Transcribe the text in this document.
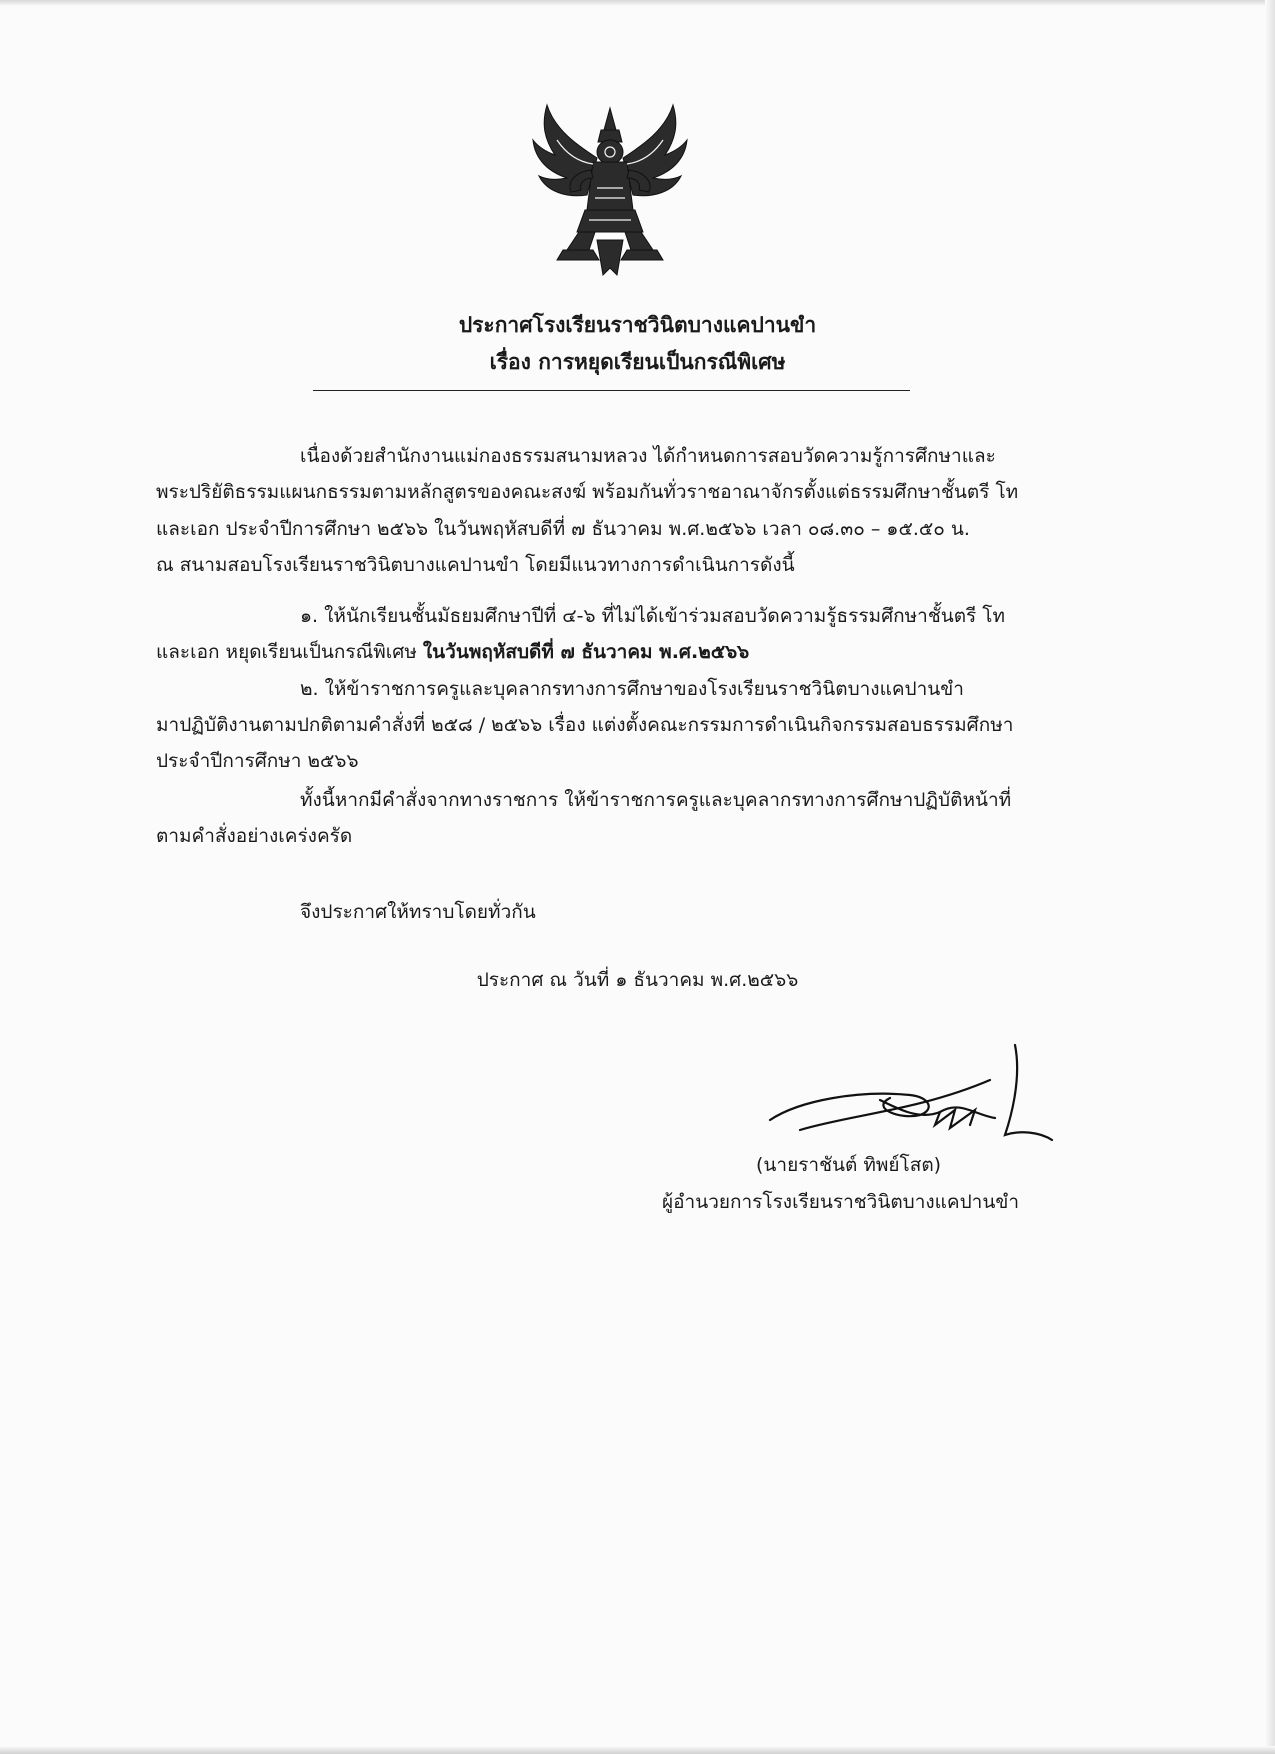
ประกาศโรงเรียนราชวินิตบางแคปานขำ
เรื่อง การหยุดเรียนเป็นกรณีพิเศษ
เนื่องด้วยสำนักงานแม่กองธรรมสนามหลวง ได้กำหนดการสอบวัดความรู้การศึกษาและ
พระปริยัติธรรมแผนกธรรมตามหลักสูตรของคณะสงฆ์ พร้อมกันทั่วราชอาณาจักรตั้งแต่ธรรมศึกษาชั้นตรี โท
และเอก ประจำปีการศึกษา ๒๕๖๖ ในวันพฤหัสบดีที่ ๗ ธันวาคม พ.ศ.๒๕๖๖ เวลา ๐๘.๓๐ – ๑๕.๕๐ น.
ณ สนามสอบโรงเรียนราชวินิตบางแคปานขำ โดยมีแนวทางการดำเนินการดังนี้
๑. ให้นักเรียนชั้นมัธยมศึกษาปีที่ ๔-๖ ที่ไม่ได้เข้าร่วมสอบวัดความรู้ธรรมศึกษาชั้นตรี โท
และเอก หยุดเรียนเป็นกรณีพิเศษ ในวันพฤหัสบดีที่ ๗ ธันวาคม พ.ศ.๒๕๖๖
๒. ให้ข้าราชการครูและบุคลากรทางการศึกษาของโรงเรียนราชวินิตบางแคปานขำ
มาปฏิบัติงานตามปกติตามคำสั่งที่ ๒๕๘ / ๒๕๖๖ เรื่อง แต่งตั้งคณะกรรมการดำเนินกิจกรรมสอบธรรมศึกษา
ประจำปีการศึกษา ๒๕๖๖
ทั้งนี้หากมีคำสั่งจากทางราชการ ให้ข้าราชการครูและบุคลากรทางการศึกษาปฏิบัติหน้าที่
ตามคำสั่งอย่างเคร่งครัด
จึงประกาศให้ทราบโดยทั่วกัน
ประกาศ ณ วันที่ ๑ ธันวาคม พ.ศ.๒๕๖๖
(นายราชันต์ ทิพย์โสต)
ผู้อำนวยการโรงเรียนราชวินิตบางแคปานขำ
